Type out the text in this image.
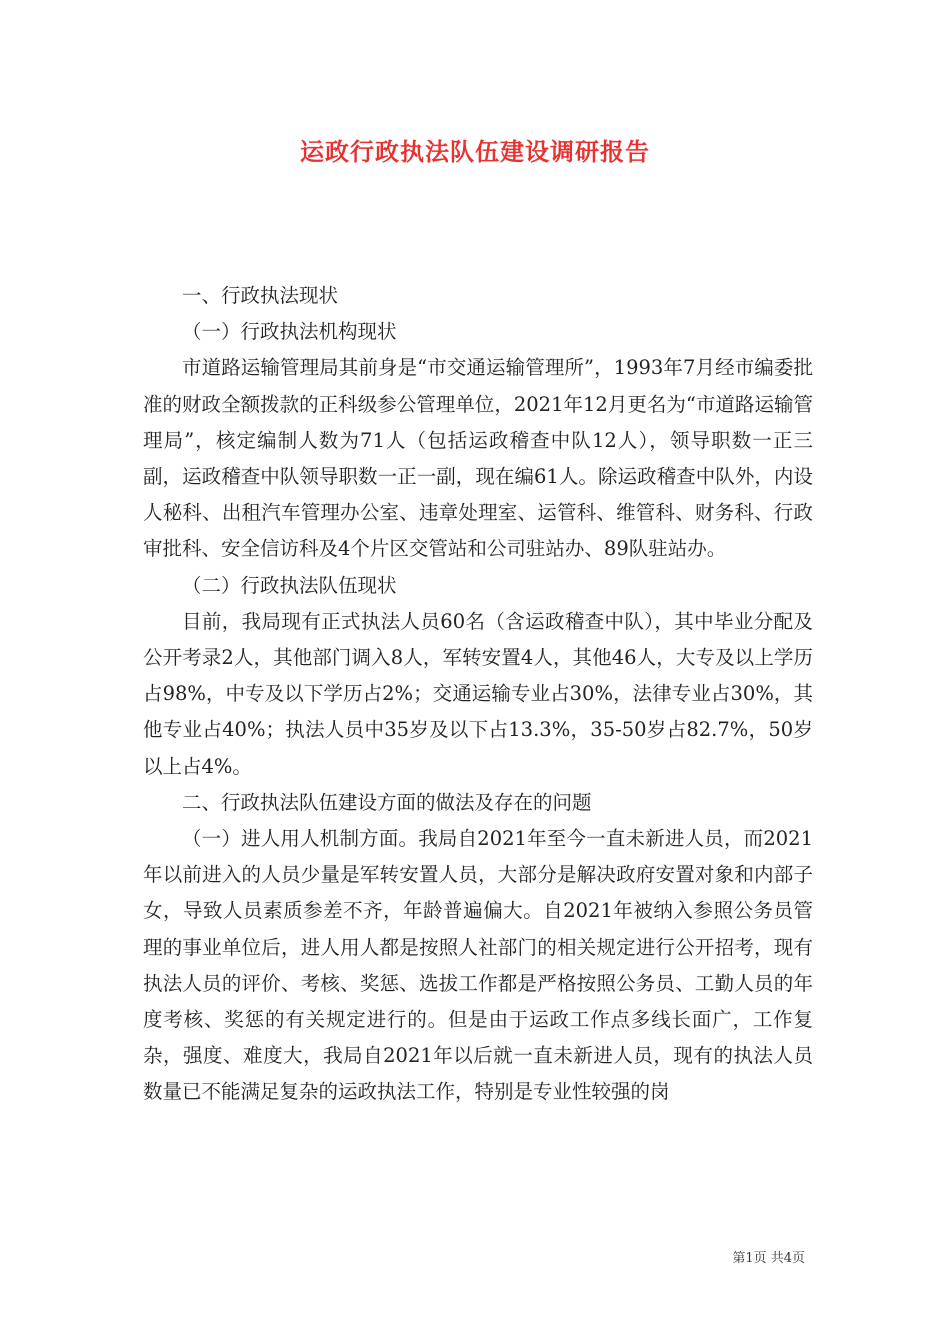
运政行政执法队伍建设调研报告

一、行政执法现状

（一）行政执法机构现状

市道路运输管理局其前身是“市交通运输管理所”，1993年7月经市编委批准的财政全额拨款的正科级参公管理单位，2021年12月更名为“市道路运输管理局”，核定编制人数为71人（包括运政稽查中队12人），领导职数一正三副，运政稽查中队领导职数一正一副，现在编61人。除运政稽查中队外，内设人秘科、出租汽车管理办公室、违章处理室、运管科、维管科、财务科、行政审批科、安全信访科及4个片区交管站和公司驻站办、89队驻站办。

（二）行政执法队伍现状

目前，我局现有正式执法人员60名（含运政稽查中队），其中毕业分配及公开考录2人，其他部门调入8人，军转安置4人，其他46人，大专及以上学历占98%，中专及以下学历占2%；交通运输专业占30%，法律专业占30%，其他专业占40%；执法人员中35岁及以下占13.3%，35-50岁占82.7%，50岁以上占4%。

二、行政执法队伍建设方面的做法及存在的问题

（一）进人用人机制方面。我局自2021年至今一直未新进人员，而2021年以前进入的人员少量是军转安置人员，大部分是解决政府安置对象和内部子女，导致人员素质参差不齐，年龄普遍偏大。自2021年被纳入参照公务员管理的事业单位后，进人用人都是按照人社部门的相关规定进行公开招考，现有执法人员的评价、考核、奖惩、选拔工作都是严格按照公务员、工勤人员的年度考核、奖惩的有关规定进行的。但是由于运政工作点多线长面广，工作复杂，强度、难度大，我局自2021年以后就一直未新进人员，现有的执法人员数量已不能满足复杂的运政执法工作，特别是专业性较强的岗

第1页 共4页
